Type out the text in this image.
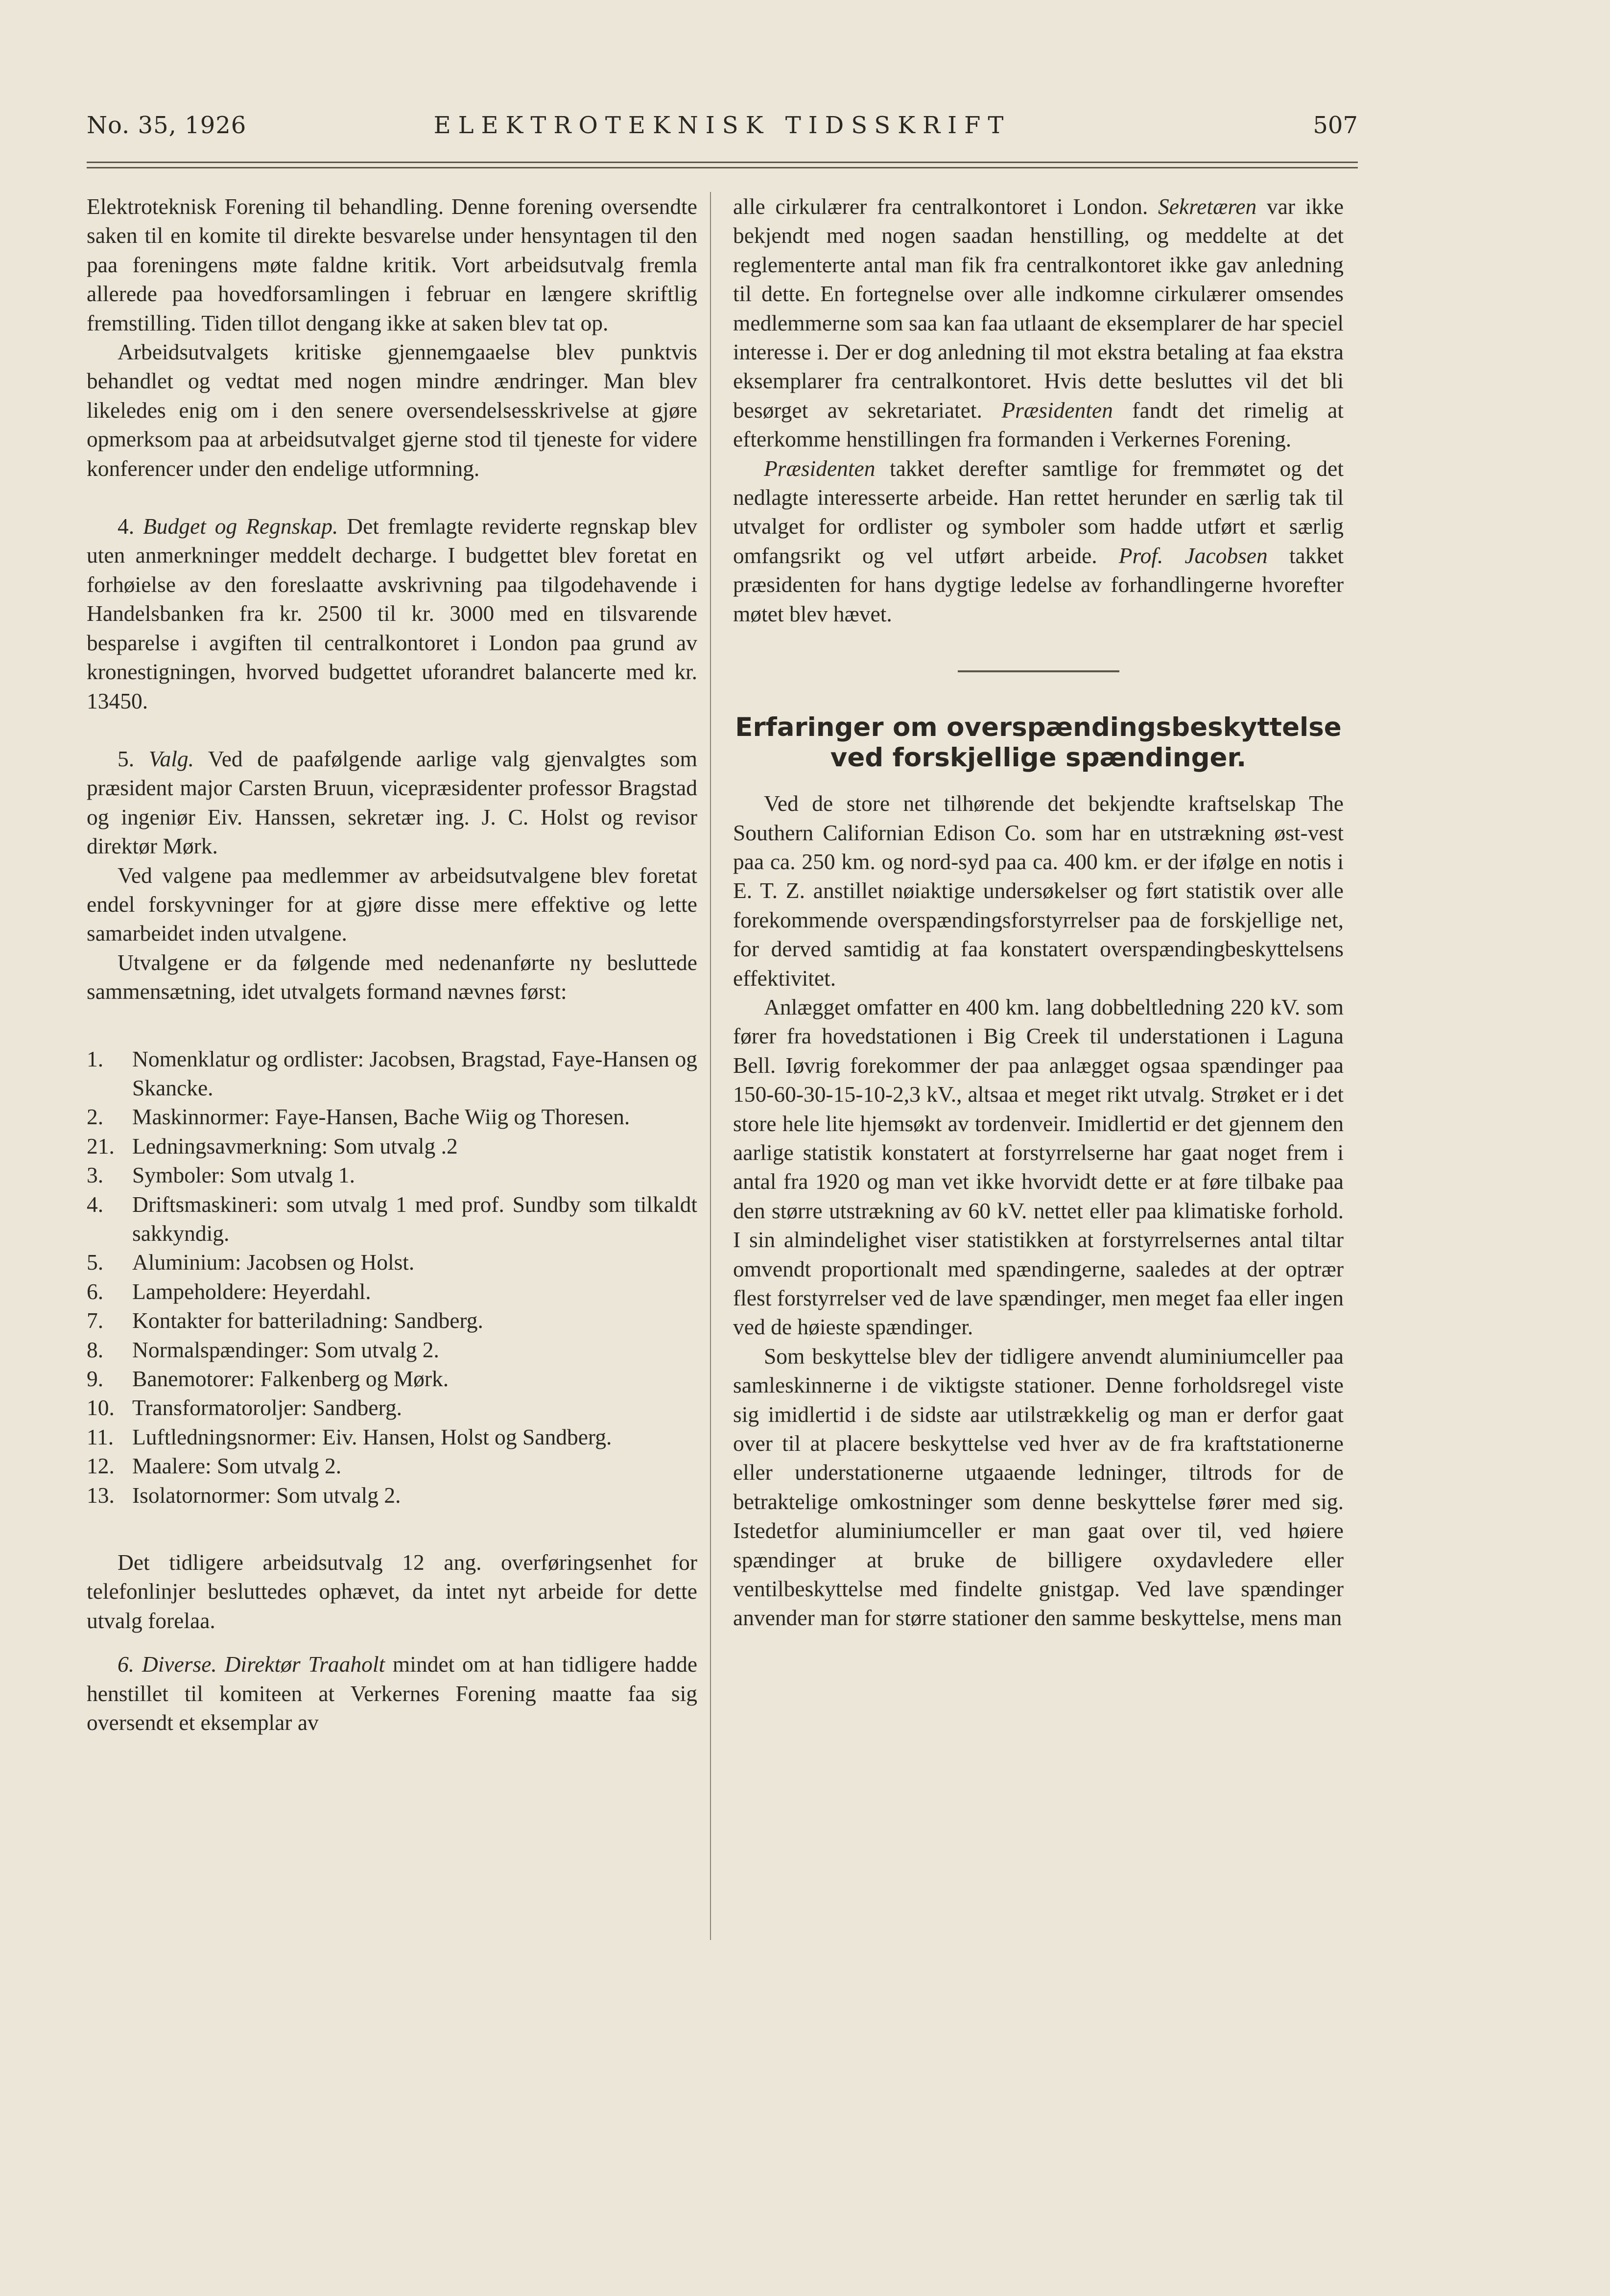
No. 35, 1926	ELEKTROTEKNISK TIDSSKRIFT	507

Elektroteknisk Forening til behandling. Denne forening oversendte saken til en komite til direkte besvarelse under hensyntagen til den paa foreningens møte faldne kritik. Vort arbeidsutvalg fremla allerede paa hovedforsamlingen i februar en længere skriftlig fremstilling. Tiden tillot dengang ikke at saken blev tat op.

Arbeidsutvalgets kritiske gjennemgaaelse blev punktvis behandlet og vedtat med nogen mindre ændringer. Man blev likeledes enig om i den senere oversendelsesskrivelse at gjøre opmerksom paa at arbeidsutvalget gjerne stod til tjeneste for videre konferencer under den endelige utformning.

4. Budget og Regnskap. Det fremlagte reviderte regnskap blev uten anmerkninger meddelt decharge. I budgettet blev foretat en forhøielse av den foreslaatte avskrivning paa tilgodehavende i Handelsbanken fra kr. 2500 til kr. 3000 med en tilsvarende besparelse i avgiften til centralkontoret i London paa grund av kronestigningen, hvorved budgettet uforandret balancerte med kr. 13450.

5. Valg. Ved de paafølgende aarlige valg gjenvalgtes som præsident major Carsten Bruun, vicepræsidenter professor Bragstad og ingeniør Eiv. Hanssen, sekretær ing. J. C. Holst og revisor direktør Mørk.

Ved valgene paa medlemmer av arbeidsutvalgene blev foretat endel forskyvninger for at gjøre disse mere effektive og lette samarbeidet inden utvalgene.

Utvalgene er da følgende med nedenanførte ny besluttede sammensætning, idet utvalgets formand nævnes først:

1.	Nomenklatur og ordlister: Jacobsen, Bragstad, Faye-Hansen og Skancke.
2.	Maskinnormer: Faye-Hansen, Bache Wiig og Thoresen.
21. Ledningsavmerkning: Som utvalg .2
3.	Symboler: Som utvalg 1.
4.	Driftsmaskineri: som utvalg 1 med prof. Sundby som tilkaldt sakkyndig.
5.	Aluminium: Jacobsen og Holst.
6.	Lampeholdere: Heyerdahl.
7.	Kontakter for batteriladning: Sandberg.
8.	Normalspændinger: Som utvalg 2.
9.	Banemotorer: Falkenberg og Mørk.
10. Transformatoroljer: Sandberg.
11. Luftledningsnormer: Eiv. Hansen, Holst og Sandberg.
12. Maalere: Som utvalg 2.
13. Isolatornormer: Som utvalg 2.

Det tidligere arbeidsutvalg 12 ang. overføringsenhet for telefonlinjer besluttedes ophævet, da intet nyt arbeide for dette utvalg forelaa.

6. Diverse. Direktør Traaholt mindet om at han tidligere hadde henstillet til komiteen at Verkernes Forening maatte faa sig oversendt et eksemplar av

alle cirkulærer fra centralkontoret i London. Sekretæren var ikke bekjendt med nogen saadan henstilling, og meddelte at det reglementerte antal man fik fra centralkontoret ikke gav anledning til dette. En fortegnelse over alle indkomne cirkulærer omsendes medlemmerne som saa kan faa utlaant de eksemplarer de har speciel interesse i. Der er dog anledning til mot ekstra betaling at faa ekstra eksemplarer fra centralkontoret. Hvis dette besluttes vil det bli besørget av sekretariatet. Præsidenten fandt det rimelig at efterkomme henstillingen fra formanden i Verkernes Forening.

Præsidenten takket derefter samtlige for fremmøtet og det nedlagte interesserte arbeide. Han rettet herunder en særlig tak til utvalget for ordlister og symboler som hadde utført et særlig omfangsrikt og vel utført arbeide. Prof. Jacobsen takket præsidenten for hans dygtige ledelse av forhandlingerne hvorefter møtet blev hævet.

Erfaringer om overspændingsbeskyttelse
ved forskjellige spændinger.

Ved de store net tilhørende det bekjendte kraftselskap The Southern Californian Edison Co. som har en utstrækning øst-vest paa ca. 250 km. og nord-syd paa ca. 400 km. er der ifølge en notis i E. T. Z. anstillet nøiaktige undersøkelser og ført statistik over alle forekommende overspændingsforstyrrelser paa de forskjellige net, for derved samtidig at faa konstatert overspændingbeskyttelsens effektivitet.

Anlægget omfatter en 400 km. lang dobbeltledning 220 kV. som fører fra hovedstationen i Big Creek til understationen i Laguna Bell. Iøvrig forekommer der paa anlægget ogsaa spændinger paa 150-60-30-15-10-2,3 kV., altsaa et meget rikt utvalg. Strøket er i det store hele lite hjemsøkt av tordenveir. Imidlertid er det gjennem den aarlige statistik konstatert at forstyrrelserne har gaat noget frem i antal fra 1920 og man vet ikke hvorvidt dette er at føre tilbake paa den større utstrækning av 60 kV. nettet eller paa klimatiske forhold. I sin almindelighet viser statistikken at forstyrrelsernes antal tiltar omvendt proportionalt med spændingerne, saaledes at der optrær flest forstyrrelser ved de lave spændinger, men meget faa eller ingen ved de høieste spændinger.

Som beskyttelse blev der tidligere anvendt aluminiumceller paa samleskinnerne i de viktigste stationer. Denne forholdsregel viste sig imidlertid i de sidste aar utilstrækkelig og man er derfor gaat over til at placere beskyttelse ved hver av de fra kraftstationerne eller understationerne utgaaende ledninger, tiltrods for de betraktelige omkostninger som denne beskyttelse fører med sig. Istedetfor aluminiumceller er man gaat over til, ved høiere spændinger at bruke de billigere oxydavledere eller ventilbeskyttelse med findelte gnistgap. Ved lave spændinger anvender man for større stationer den samme beskyttelse, mens man
